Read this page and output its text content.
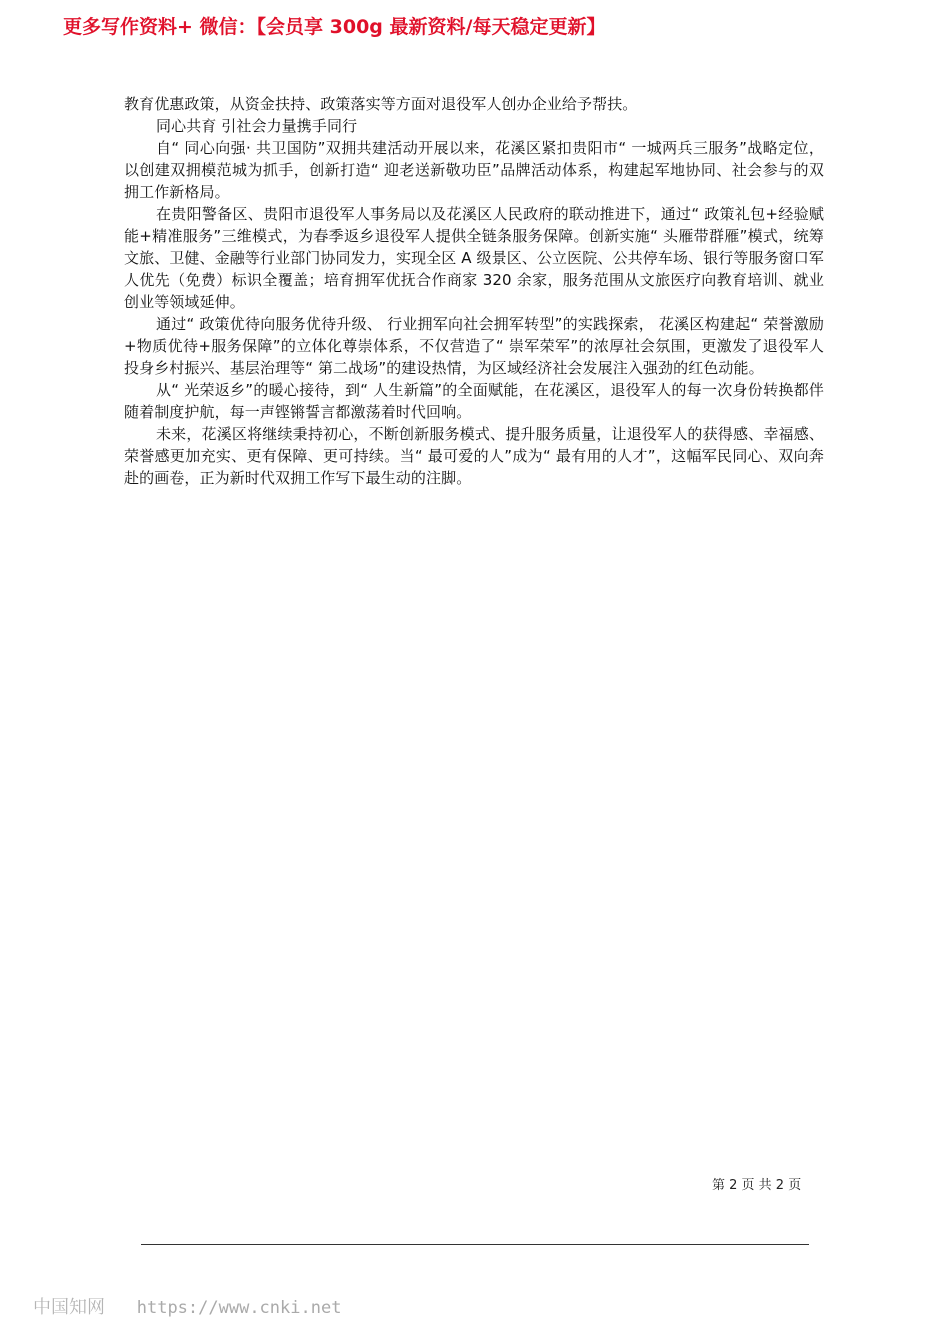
更多写作资料+ 微信：【会员享 300g 最新资料/每天稳定更新】

教育优惠政策，从资金扶持、政策落实等方面对退役军人创办企业给予帮扶。

同心共育 引社会力量携手同行

自“ 同心向强· 共卫国防”双拥共建活动开展以来，花溪区紧扣贵阳市“ 一城两兵三服务”战略定位，以创建双拥模范城为抓手，创新打造“ 迎老送新敬功臣”品牌活动体系，构建起军地协同、社会参与的双拥工作新格局。

在贵阳警备区、贵阳市退役军人事务局以及花溪区人民政府的联动推进下，通过“ 政策礼包+经验赋能+精准服务”三维模式，为春季返乡退役军人提供全链条服务保障。创新实施“ 头雁带群雁”模式，统筹文旅、卫健、金融等行业部门协同发力，实现全区 A 级景区、公立医院、公共停车场、银行等服务窗口军人优先（免费）标识全覆盖；培育拥军优抚合作商家 320 余家，服务范围从文旅医疗向教育培训、就业创业等领域延伸。

通过“ 政策优待向服务优待升级、 行业拥军向社会拥军转型”的实践探索， 花溪区构建起“ 荣誉激励+物质优待+服务保障”的立体化尊崇体系，不仅营造了“ 崇军荣军”的浓厚社会氛围，更激发了退役军人投身乡村振兴、基层治理等“ 第二战场”的建设热情，为区域经济社会发展注入强劲的红色动能。

从“ 光荣返乡”的暖心接待，到“ 人生新篇”的全面赋能，在花溪区，退役军人的每一次身份转换都伴随着制度护航，每一声铿锵誓言都激荡着时代回响。

未来，花溪区将继续秉持初心，不断创新服务模式、提升服务质量，让退役军人的获得感、幸福感、荣誉感更加充实、更有保障、更可持续。当“ 最可爱的人”成为“ 最有用的人才”，这幅军民同心、双向奔赴的画卷，正为新时代双拥工作写下最生动的注脚。

第 2 页 共 2 页
中国知网 https://www.cnki.net
